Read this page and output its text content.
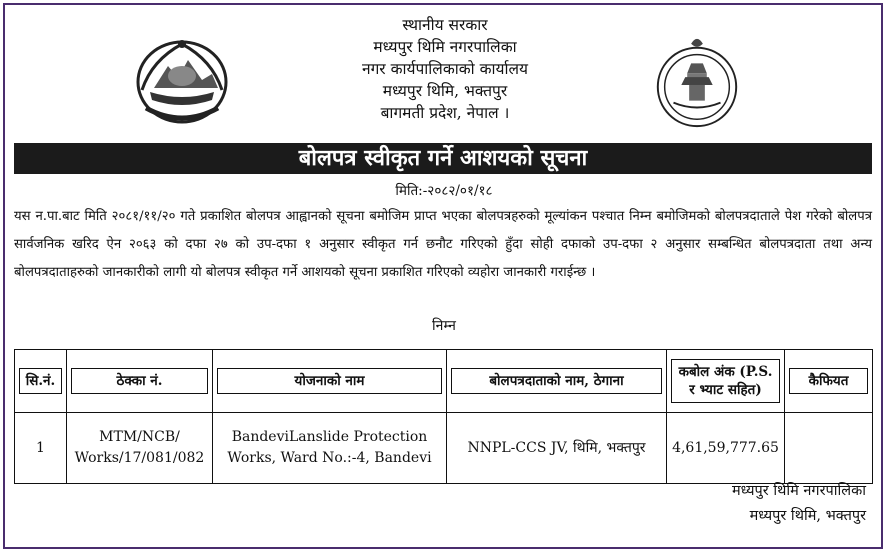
स्थानीय सरकार
मध्यपुर थिमि नगरपालिका
नगर कार्यपालिकाको कार्यालय
मध्यपुर थिमि, भक्तपुर
बागमती प्रदेश, नेपाल ।
बोलपत्र स्वीकृत गर्ने आशयको सूचना
मिति:-२०८२/०१/१८
यस न.पा.बाट मिति २०८१/११/२० गते प्रकाशित बोलपत्र आह्वानको सूचना बमोजिम प्राप्त भएका बोलपत्रहरुको मूल्यांकन पश्चात निम्न बमोजिमको बोलपत्रदाताले पेश गरेको बोलपत्र सार्वजनिक खरिद ऐन २०६३ को दफा २७ को उप-दफा १ अनुसार स्वीकृत गर्न छनौट गरिएको हुँदा सोही दफाको उप-दफा २ अनुसार सम्बन्धित बोलपत्रदाता तथा अन्य बोलपत्रदाताहरुको जानकारीको लागी यो बोलपत्र स्वीकृत गर्ने आशयको सूचना प्रकाशित गरिएको व्यहोरा जानकारी गराईन्छ ।
निम्न
सि.नं.	ठेक्का नं.	योजनाको नाम	बोलपत्रदाताको नाम, ठेगाना	कबोल अंक (P.S. र भ्याट सहित)	कैफियत

1	MTM/NCB/ Works/17/081/082	BandeviLanslide Protection Works, Ward No.:-4, Bandevi	NNPL-CCS JV, थिमि, भक्तपुर	4,61,59,777.65	
मध्यपुर थिमि नगरपालिका
मध्यपुर थिमि, भक्तपुर
